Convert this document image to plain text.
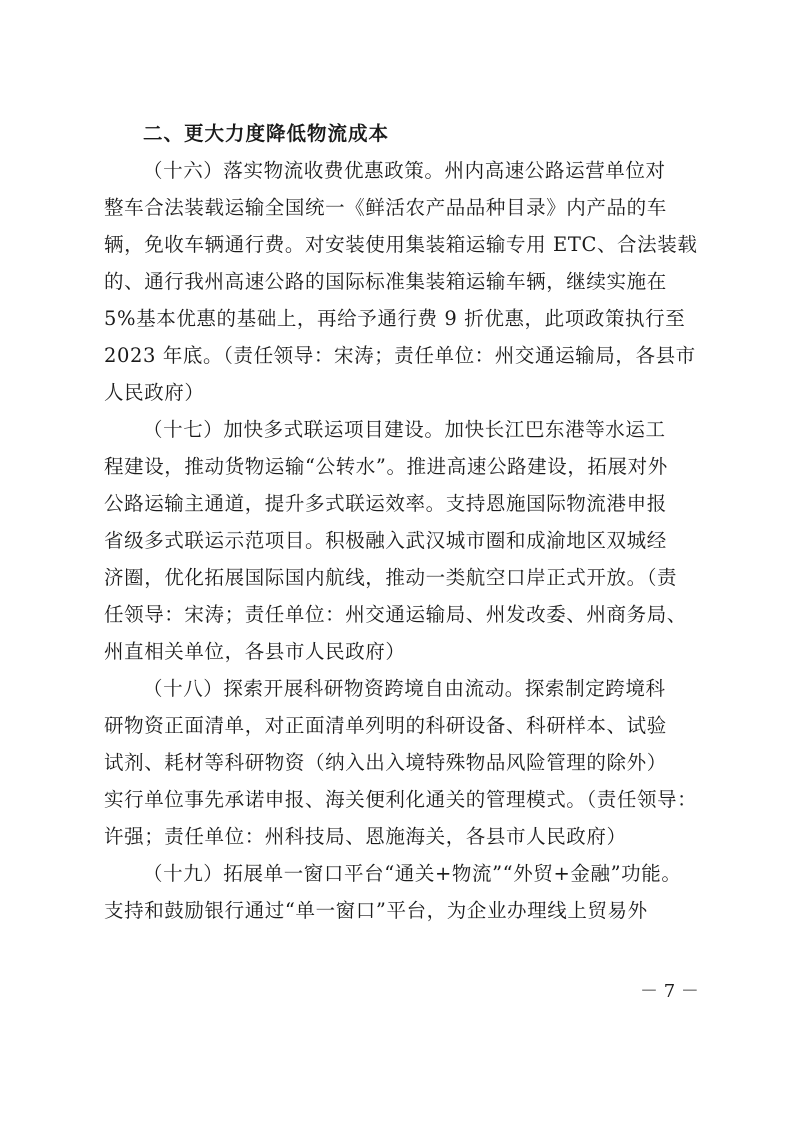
二、更大力度降低物流成本
（十六）落实物流收费优惠政策。州内高速公路运营单位对
整车合法装载运输全国统一《鲜活农产品品种目录》内产品的车
辆，免收车辆通行费。对安装使用集装箱运输专用 ETC、合法装载
的、通行我州高速公路的国际标准集装箱运输车辆，继续实施在
5%基本优惠的基础上，再给予通行费 9 折优惠，此项政策执行至
2023 年底。（责任领导：宋涛；责任单位：州交通运输局，各县市
人民政府）
（十七）加快多式联运项目建设。加快长江巴东港等水运工
程建设，推动货物运输“公转水”。推进高速公路建设，拓展对外
公路运输主通道，提升多式联运效率。支持恩施国际物流港申报
省级多式联运示范项目。积极融入武汉城市圈和成渝地区双城经
济圈，优化拓展国际国内航线，推动一类航空口岸正式开放。（责
任领导：宋涛；责任单位：州交通运输局、州发改委、州商务局、
州直相关单位，各县市人民政府）
（十八）探索开展科研物资跨境自由流动。探索制定跨境科
研物资正面清单，对正面清单列明的科研设备、科研样本、试验
试剂、耗材等科研物资（纳入出入境特殊物品风险管理的除外）
实行单位事先承诺申报、海关便利化通关的管理模式。（责任领导：
许强；责任单位：州科技局、恩施海关，各县市人民政府）
（十九）拓展单一窗口平台“通关+物流”“外贸+金融”功能。
支持和鼓励银行通过“单一窗口”平台，为企业办理线上贸易外
－ 7 －
